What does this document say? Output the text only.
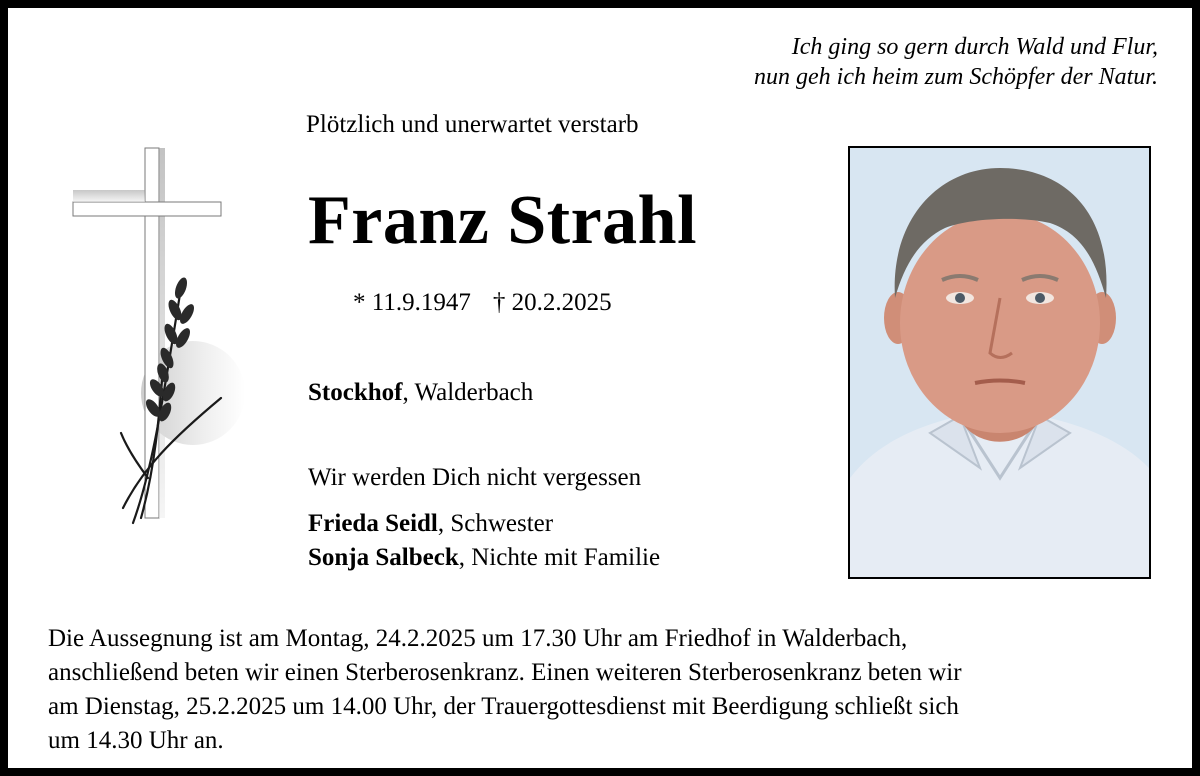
Ich ging so gern durch Wald und Flur,
nun geh ich heim zum Schöpfer der Natur.
Plötzlich und unerwartet verstarb
Franz Strahl
* 11.9.1947 † 20.2.2025
Stockhof, Walderbach
Wir werden Dich nicht vergessen
Frieda Seidl, Schwester
Sonja Salbeck, Nichte mit Familie
Die Aussegnung ist am Montag, 24.2.2025 um 17.30 Uhr am Friedhof in Walderbach,
anschließend beten wir einen Sterberosenkranz. Einen weiteren Sterberosenkranz beten wir
am Dienstag, 25.2.2025 um 14.00 Uhr, der Trauergottesdienst mit Beerdigung schließt sich
um 14.30 Uhr an.
